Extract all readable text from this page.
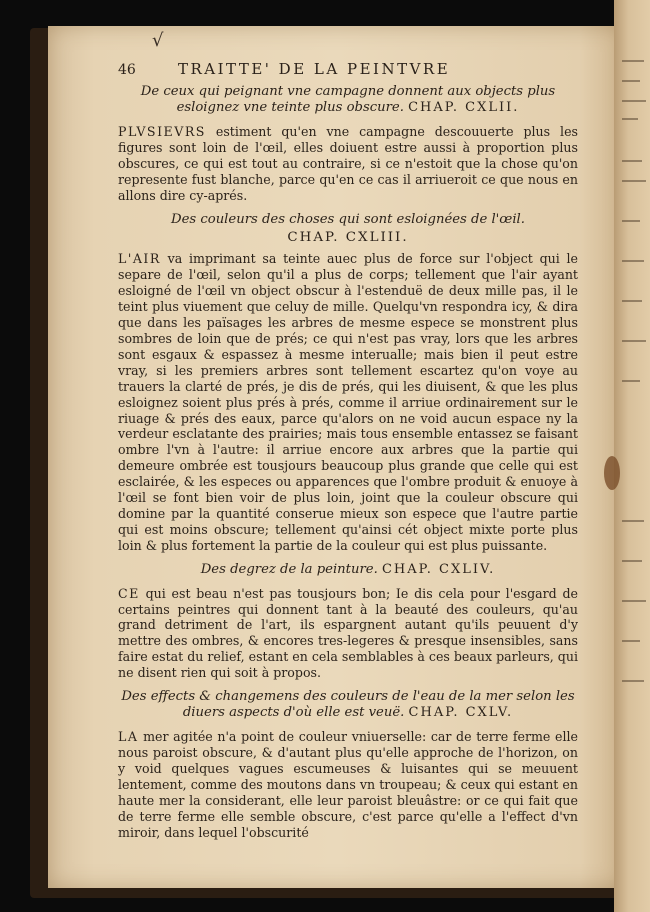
√
46	TRAITTE' DE LA PEINTVRE
De ceux qui peignant vne campagne donnent aux objects plus esloignez vne teinte plus obscure. CHAP. CXLII.

PLVSIEVRS estiment qu'en vne campagne descouuerte plus les figures sont loin de l'œil, elles doiuent estre aussi à proportion plus obscures, ce qui est tout au contraire, si ce n'estoit que la chose qu'on represente fust blanche, parce qu'en ce cas il arriueroit ce que nous en allons dire cy-aprés.

Des couleurs des choses qui sont esloignées de l'œil.
CHAP. CXLIII.

L'AIR va imprimant sa teinte auec plus de force sur l'object qui le separe de l'œil, selon qu'il a plus de corps; tellement que l'air ayant esloigné de l'œil vn object obscur à l'estenduë de deux mille pas, il le teint plus viuement que celuy de mille. Quelqu'vn respondra icy, & dira que dans les païsages les arbres de mesme espece se monstrent plus sombres de loin que de prés; ce qui n'est pas vray, lors que les arbres sont esgaux & espassez à mesme interualle; mais bien il peut estre vray, si les premiers arbres sont tellement escartez qu'on voye au trauers la clarté de prés, je dis de prés, qui les diuisent, & que les plus esloignez soient plus prés à prés, comme il arriue ordinairement sur le riuage & prés des eaux, parce qu'alors on ne void aucun espace ny la verdeur esclatante des prairies; mais tous ensemble entassez se faisant ombre l'vn à l'autre: il arriue encore aux arbres que la partie qui demeure ombrée est tousjours beaucoup plus grande que celle qui est esclairée, & les especes ou apparences que l'ombre produit & enuoye à l'œil se font bien voir de plus loin, joint que la couleur obscure qui domine par la quantité conserue mieux son espece que l'autre partie qui est moins obscure; tellement qu'ainsi cét object mixte porte plus loin & plus fortement la partie de la couleur qui est plus puissante.

Des degrez de la peinture. CHAP. CXLIV.

CE qui est beau n'est pas tousjours bon; Ie dis cela pour l'esgard de certains peintres qui donnent tant à la beauté des couleurs, qu'au grand detriment de l'art, ils espargnent autant qu'ils peuuent d'y mettre des ombres, & encores tres-legeres & presque insensibles, sans faire estat du relief, estant en cela semblables à ces beaux parleurs, qui ne disent rien qui soit à propos.

Des effects & changemens des couleurs de l'eau de la mer selon les diuers aspects d'où elle est veuë. CHAP. CXLV.

LA mer agitée n'a point de couleur vniuerselle: car de terre ferme elle nous paroist obscure, & d'autant plus qu'elle approche de l'horizon, on y void quelques vagues escumeuses & luisantes qui se meuuent lentement, comme des moutons dans vn troupeau; & ceux qui estant en haute mer la considerant, elle leur paroist bleuâstre: or ce qui fait que de terre ferme elle semble obscure, c'est parce qu'elle a l'effect d'vn miroir, dans lequel l'obscurité
